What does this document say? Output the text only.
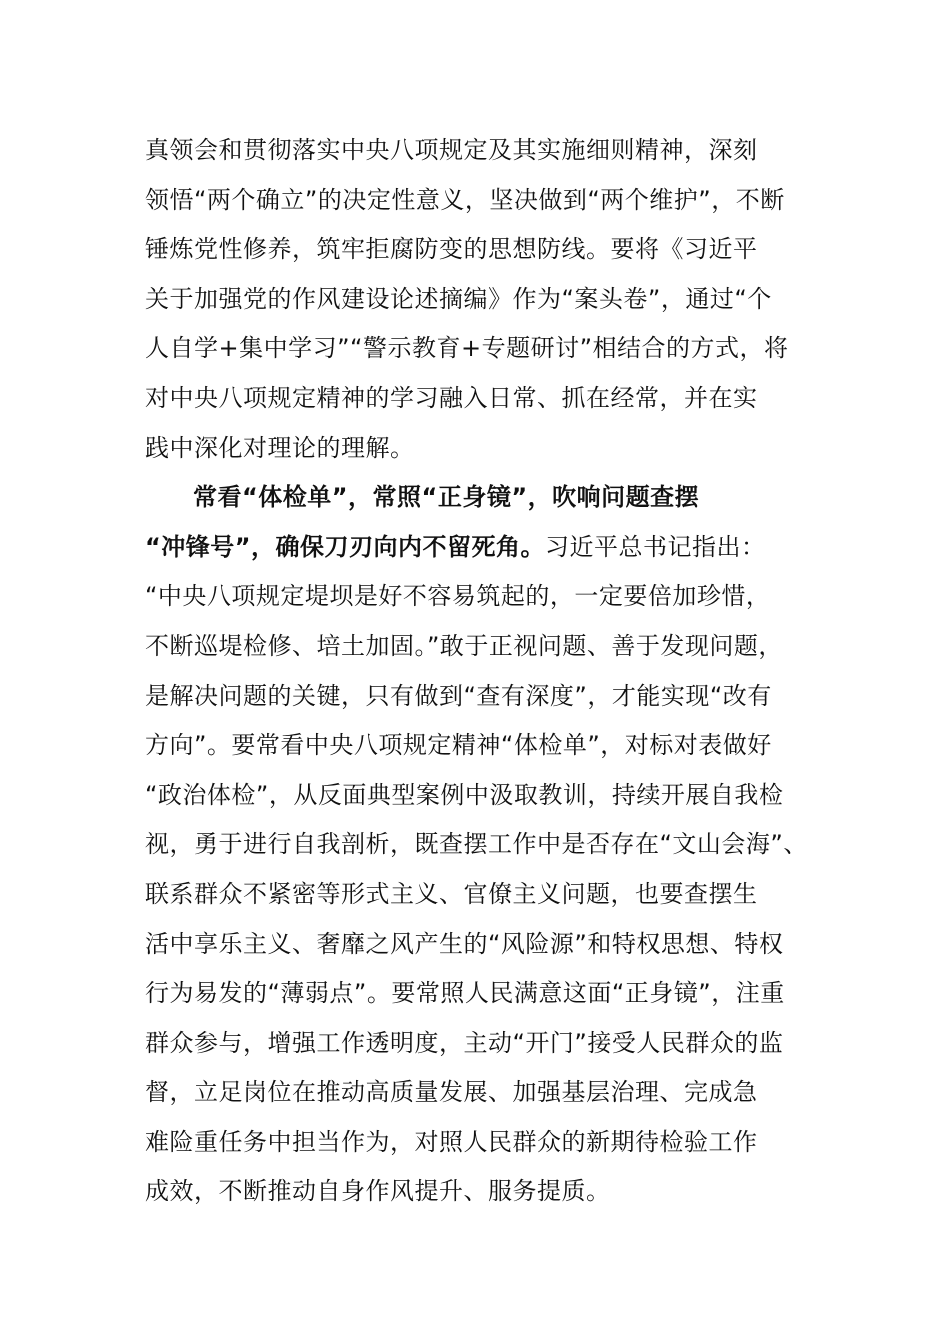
真领会和贯彻落实中央八项规定及其实施细则精神，深刻
领悟“两个确立”的决定性意义，坚决做到“两个维护”，不断
锤炼党性修养，筑牢拒腐防变的思想防线。要将《习近平
关于加强党的作风建设论述摘编》作为“案头卷”，通过“个
人自学+集中学习”“警示教育+专题研讨”相结合的方式，将
对中央八项规定精神的学习融入日常、抓在经常，并在实
践中深化对理论的理解。
常看“体检单”，常照“正身镜”，吹响问题查摆
“冲锋号”，确保刀刃向内不留死角。习近平总书记指出：
“中央八项规定堤坝是好不容易筑起的，一定要倍加珍惜，
不断巡堤检修、培土加固。”敢于正视问题、善于发现问题，
是解决问题的关键，只有做到“查有深度”，才能实现“改有
方向”。要常看中央八项规定精神“体检单”，对标对表做好
“政治体检”，从反面典型案例中汲取教训，持续开展自我检
视，勇于进行自我剖析，既查摆工作中是否存在“文山会海”、
联系群众不紧密等形式主义、官僚主义问题，也要查摆生
活中享乐主义、奢靡之风产生的“风险源”和特权思想、特权
行为易发的“薄弱点”。要常照人民满意这面“正身镜”，注重
群众参与，增强工作透明度，主动“开门”接受人民群众的监
督，立足岗位在推动高质量发展、加强基层治理、完成急
难险重任务中担当作为，对照人民群众的新期待检验工作
成效，不断推动自身作风提升、服务提质。
